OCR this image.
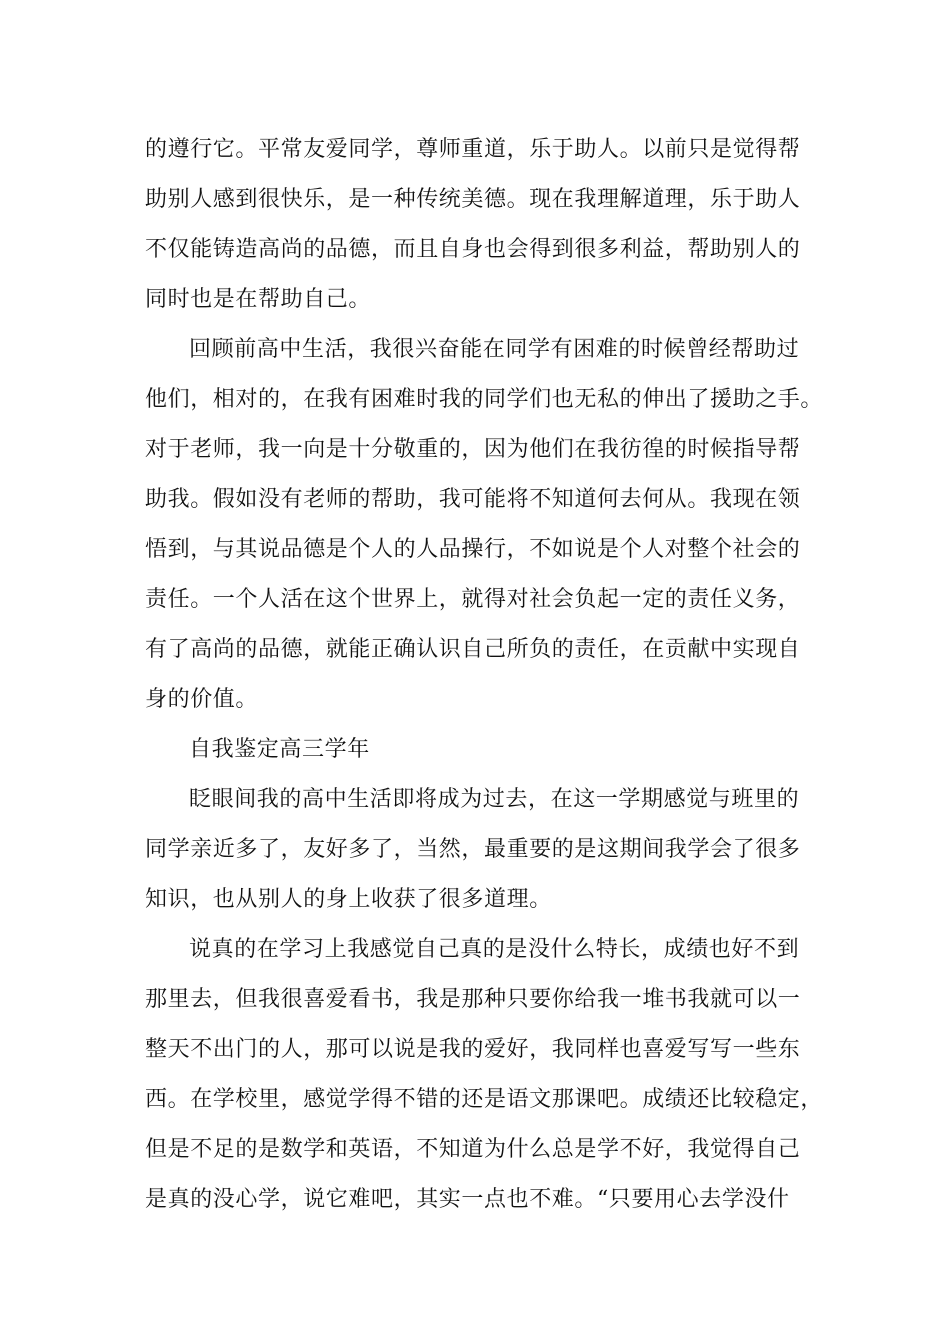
的遵行它。平常友爱同学，尊师重道，乐于助人。以前只是觉得帮
助别人感到很快乐，是一种传统美德。现在我理解道理，乐于助人
不仅能铸造高尚的品德，而且自身也会得到很多利益，帮助别人的
同时也是在帮助自己。
回顾前高中生活，我很兴奋能在同学有困难的时候曾经帮助过
他们，相对的，在我有困难时我的同学们也无私的伸出了援助之手。
对于老师，我一向是十分敬重的，因为他们在我彷徨的时候指导帮
助我。假如没有老师的帮助，我可能将不知道何去何从。我现在领
悟到，与其说品德是个人的人品操行，不如说是个人对整个社会的
责任。一个人活在这个世界上，就得对社会负起一定的责任义务，
有了高尚的品德，就能正确认识自己所负的责任，在贡献中实现自
身的价值。
自我鉴定高三学年
眨眼间我的高中生活即将成为过去，在这一学期感觉与班里的
同学亲近多了，友好多了，当然，最重要的是这期间我学会了很多
知识，也从别人的身上收获了很多道理。
说真的在学习上我感觉自己真的是没什么特长，成绩也好不到
那里去，但我很喜爱看书，我是那种只要你给我一堆书我就可以一
整天不出门的人，那可以说是我的爱好，我同样也喜爱写写一些东
西。在学校里，感觉学得不错的还是语文那课吧。成绩还比较稳定，
但是不足的是数学和英语，不知道为什么总是学不好，我觉得自己
是真的没心学，说它难吧，其实一点也不难。“只要用心去学没什
